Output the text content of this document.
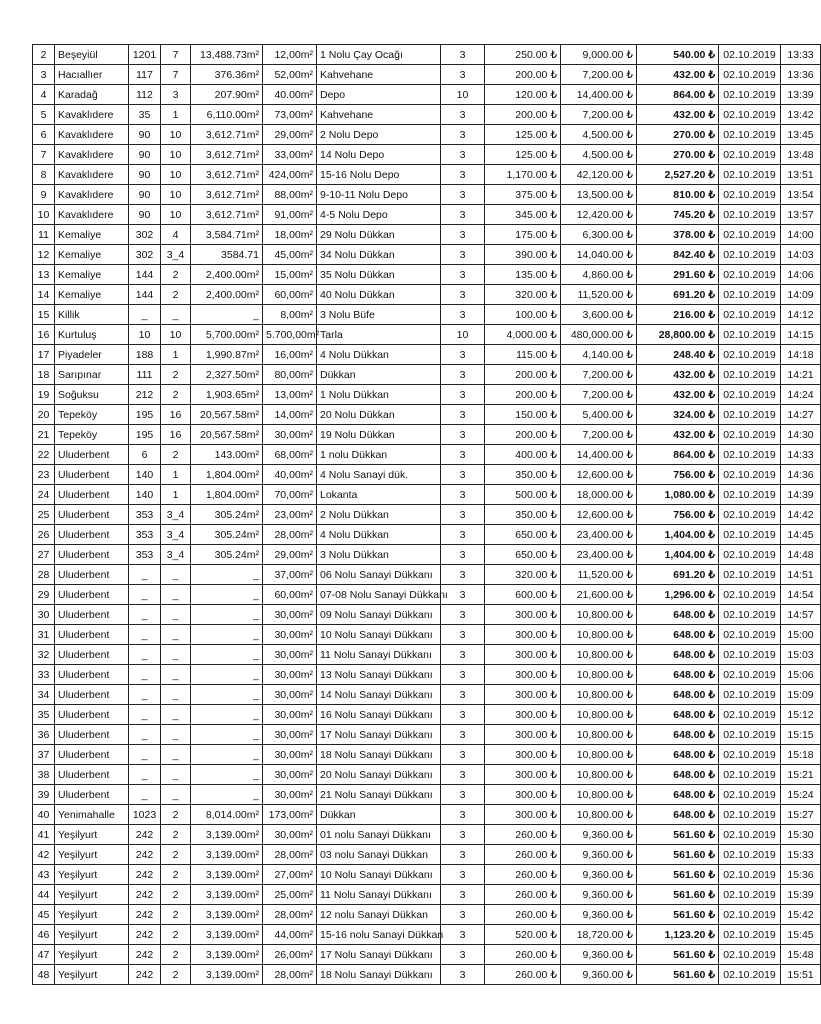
2	Beşeyiül	1201	7	13,488.73m²	12,00m²	1 Nolu Çay Ocağı	3	250.00 ₺	9,000.00 ₺	540.00 ₺	02.10.2019	13:33
3	Hacıallıer	117	7	376.36m²	52,00m²	Kahvehane	3	200.00 ₺	7,200.00 ₺	432.00 ₺	02.10.2019	13:36
4	Karadağ	112	3	207.90m²	40.00m²	Depo	10	120.00 ₺	14,400.00 ₺	864.00 ₺	02.10.2019	13:39
5	Kavaklıdere	35	1	6,110.00m²	73,00m²	Kahvehane	3	200.00 ₺	7,200.00 ₺	432.00 ₺	02.10.2019	13:42
6	Kavaklıdere	90	10	3,612.71m²	29,00m²	2 Nolu Depo	3	125.00 ₺	4,500.00 ₺	270.00 ₺	02.10.2019	13:45
7	Kavaklıdere	90	10	3,612.71m²	33,00m²	14 Nolu Depo	3	125.00 ₺	4,500.00 ₺	270.00 ₺	02.10.2019	13:48
8	Kavaklıdere	90	10	3,612.71m²	424,00m²	15-16 Nolu Depo	3	1,170.00 ₺	42,120.00 ₺	2,527.20 ₺	02.10.2019	13:51
9	Kavaklıdere	90	10	3,612.71m²	88,00m²	9-10-11 Nolu Depo	3	375.00 ₺	13,500.00 ₺	810.00 ₺	02.10.2019	13:54
10	Kavaklıdere	90	10	3,612.71m²	91,00m²	4-5 Nolu Depo	3	345.00 ₺	12,420.00 ₺	745.20 ₺	02.10.2019	13:57
11	Kemaliye	302	4	3,584.71m²	18,00m²	29 Nolu Dükkan	3	175.00 ₺	6,300.00 ₺	378.00 ₺	02.10.2019	14:00
12	Kemaliye	302	3_4	3584.71	45,00m²	34 Nolu Dükkan	3	390.00 ₺	14,040.00 ₺	842.40 ₺	02.10.2019	14:03
13	Kemaliye	144	2	2,400.00m²	15,00m²	35 Nolu Dükkan	3	135.00 ₺	4,860.00 ₺	291.60 ₺	02.10.2019	14:06
14	Kemaliye	144	2	2,400.00m²	60,00m²	40 Nolu Dükkan	3	320.00 ₺	11,520.00 ₺	691.20 ₺	02.10.2019	14:09
15	Killik	_	_	_	8,00m²	3 Nolu Büfe	3	100.00 ₺	3,600.00 ₺	216.00 ₺	02.10.2019	14:12
16	Kurtuluş	10	10	5,700.00m²	5.700,00m²	Tarla	10	4,000.00 ₺	480,000.00 ₺	28,800.00 ₺	02.10.2019	14:15
17	Piyadeler	188	1	1,990.87m²	16,00m²	4 Nolu Dükkan	3	115.00 ₺	4,140.00 ₺	248.40 ₺	02.10.2019	14:18
18	Sarıpınar	111	2	2,327.50m²	80,00m²	Dükkan	3	200.00 ₺	7,200.00 ₺	432.00 ₺	02.10.2019	14:21
19	Soğuksu	212	2	1,903.65m²	13,00m²	1 Nolu Dükkan	3	200.00 ₺	7,200.00 ₺	432.00 ₺	02.10.2019	14:24
20	Tepeköy	195	16	20,567.58m²	14,00m²	20 Nolu Dükkan	3	150.00 ₺	5,400.00 ₺	324.00 ₺	02.10.2019	14:27
21	Tepeköy	195	16	20,567.58m²	30,00m²	19 Nolu Dükkan	3	200.00 ₺	7,200.00 ₺	432.00 ₺	02.10.2019	14:30
22	Uluderbent	6	2	143.00m²	68,00m²	1 nolu Dükkan	3	400.00 ₺	14,400.00 ₺	864.00 ₺	02.10.2019	14:33
23	Uluderbent	140	1	1,804.00m²	40,00m²	4 Nolu Sanayi dük.	3	350.00 ₺	12,600.00 ₺	756.00 ₺	02.10.2019	14:36
24	Uluderbent	140	1	1,804.00m²	70,00m²	Lokanta	3	500.00 ₺	18,000.00 ₺	1,080.00 ₺	02.10.2019	14:39
25	Uluderbent	353	3_4	305.24m²	23,00m²	2 Nolu Dükkan	3	350.00 ₺	12,600.00 ₺	756.00 ₺	02.10.2019	14:42
26	Uluderbent	353	3_4	305.24m²	28,00m²	4 Nolu Dükkan	3	650.00 ₺	23,400.00 ₺	1,404.00 ₺	02.10.2019	14:45
27	Uluderbent	353	3_4	305.24m²	29,00m²	3 Nolu Dükkan	3	650.00 ₺	23,400.00 ₺	1,404.00 ₺	02.10.2019	14:48
28	Uluderbent	_	_	_	37,00m²	06 Nolu Sanayi Dükkanı	3	320.00 ₺	11,520.00 ₺	691.20 ₺	02.10.2019	14:51
29	Uluderbent	_	_	_	60,00m²	07-08 Nolu Sanayi Dükkanı	3	600.00 ₺	21,600.00 ₺	1,296.00 ₺	02.10.2019	14:54
30	Uluderbent	_	_	_	30,00m²	09 Nolu Sanayi Dükkanı	3	300.00 ₺	10,800.00 ₺	648.00 ₺	02.10.2019	14:57
31	Uluderbent	_	_	_	30,00m²	10 Nolu Sanayi Dükkanı	3	300.00 ₺	10,800.00 ₺	648.00 ₺	02.10.2019	15:00
32	Uluderbent	_	_	_	30,00m²	11 Nolu Sanayi Dükkanı	3	300.00 ₺	10,800.00 ₺	648.00 ₺	02.10.2019	15:03
33	Uluderbent	_	_	_	30,00m²	13 Nolu Sanayi Dükkanı	3	300.00 ₺	10,800.00 ₺	648.00 ₺	02.10.2019	15:06
34	Uluderbent	_	_	_	30,00m²	14 Nolu Sanayi Dükkanı	3	300.00 ₺	10,800.00 ₺	648.00 ₺	02.10.2019	15:09
35	Uluderbent	_	_	_	30,00m²	16 Nolu Sanayi Dükkanı	3	300.00 ₺	10,800.00 ₺	648.00 ₺	02.10.2019	15:12
36	Uluderbent	_	_	_	30,00m²	17 Nolu Sanayi Dükkanı	3	300.00 ₺	10,800.00 ₺	648.00 ₺	02.10.2019	15:15
37	Uluderbent	_	_	_	30,00m²	18 Nolu Sanayi Dükkanı	3	300.00 ₺	10,800.00 ₺	648.00 ₺	02.10.2019	15:18
38	Uluderbent	_	_	_	30,00m²	20 Nolu Sanayi Dükkanı	3	300.00 ₺	10,800.00 ₺	648.00 ₺	02.10.2019	15:21
39	Uluderbent	_	_	_	30,00m²	21 Nolu Sanayi Dükkanı	3	300.00 ₺	10,800.00 ₺	648.00 ₺	02.10.2019	15:24
40	Yenimahalle	1023	2	8,014.00m²	173,00m²	Dükkan	3	300.00 ₺	10,800.00 ₺	648.00 ₺	02.10.2019	15:27
41	Yeşilyurt	242	2	3,139.00m²	30,00m²	01 nolu Sanayi Dükkanı	3	260.00 ₺	9,360.00 ₺	561.60 ₺	02.10.2019	15:30
42	Yeşilyurt	242	2	3,139.00m²	28,00m²	03 nolu Sanayi Dükkan	3	260.00 ₺	9,360.00 ₺	561.60 ₺	02.10.2019	15:33
43	Yeşilyurt	242	2	3,139.00m²	27,00m²	10 Nolu Sanayi Dükkanı	3	260.00 ₺	9,360.00 ₺	561.60 ₺	02.10.2019	15:36
44	Yeşilyurt	242	2	3,139.00m²	25,00m²	11 Nolu Sanayi Dükkanı	3	260.00 ₺	9,360.00 ₺	561.60 ₺	02.10.2019	15:39
45	Yeşilyurt	242	2	3,139.00m²	28,00m²	12 nolu Sanayi Dükkan	3	260.00 ₺	9,360.00 ₺	561.60 ₺	02.10.2019	15:42
46	Yeşilyurt	242	2	3,139.00m²	44,00m²	15-16 nolu Sanayi Dükkan	3	520.00 ₺	18,720.00 ₺	1,123.20 ₺	02.10.2019	15:45
47	Yeşilyurt	242	2	3,139.00m²	26,00m²	17 Nolu Sanayi Dükkanı	3	260.00 ₺	9,360.00 ₺	561.60 ₺	02.10.2019	15:48
48	Yeşilyurt	242	2	3,139.00m²	28,00m²	18 Nolu Sanayi Dükkanı	3	260.00 ₺	9,360.00 ₺	561.60 ₺	02.10.2019	15:51
